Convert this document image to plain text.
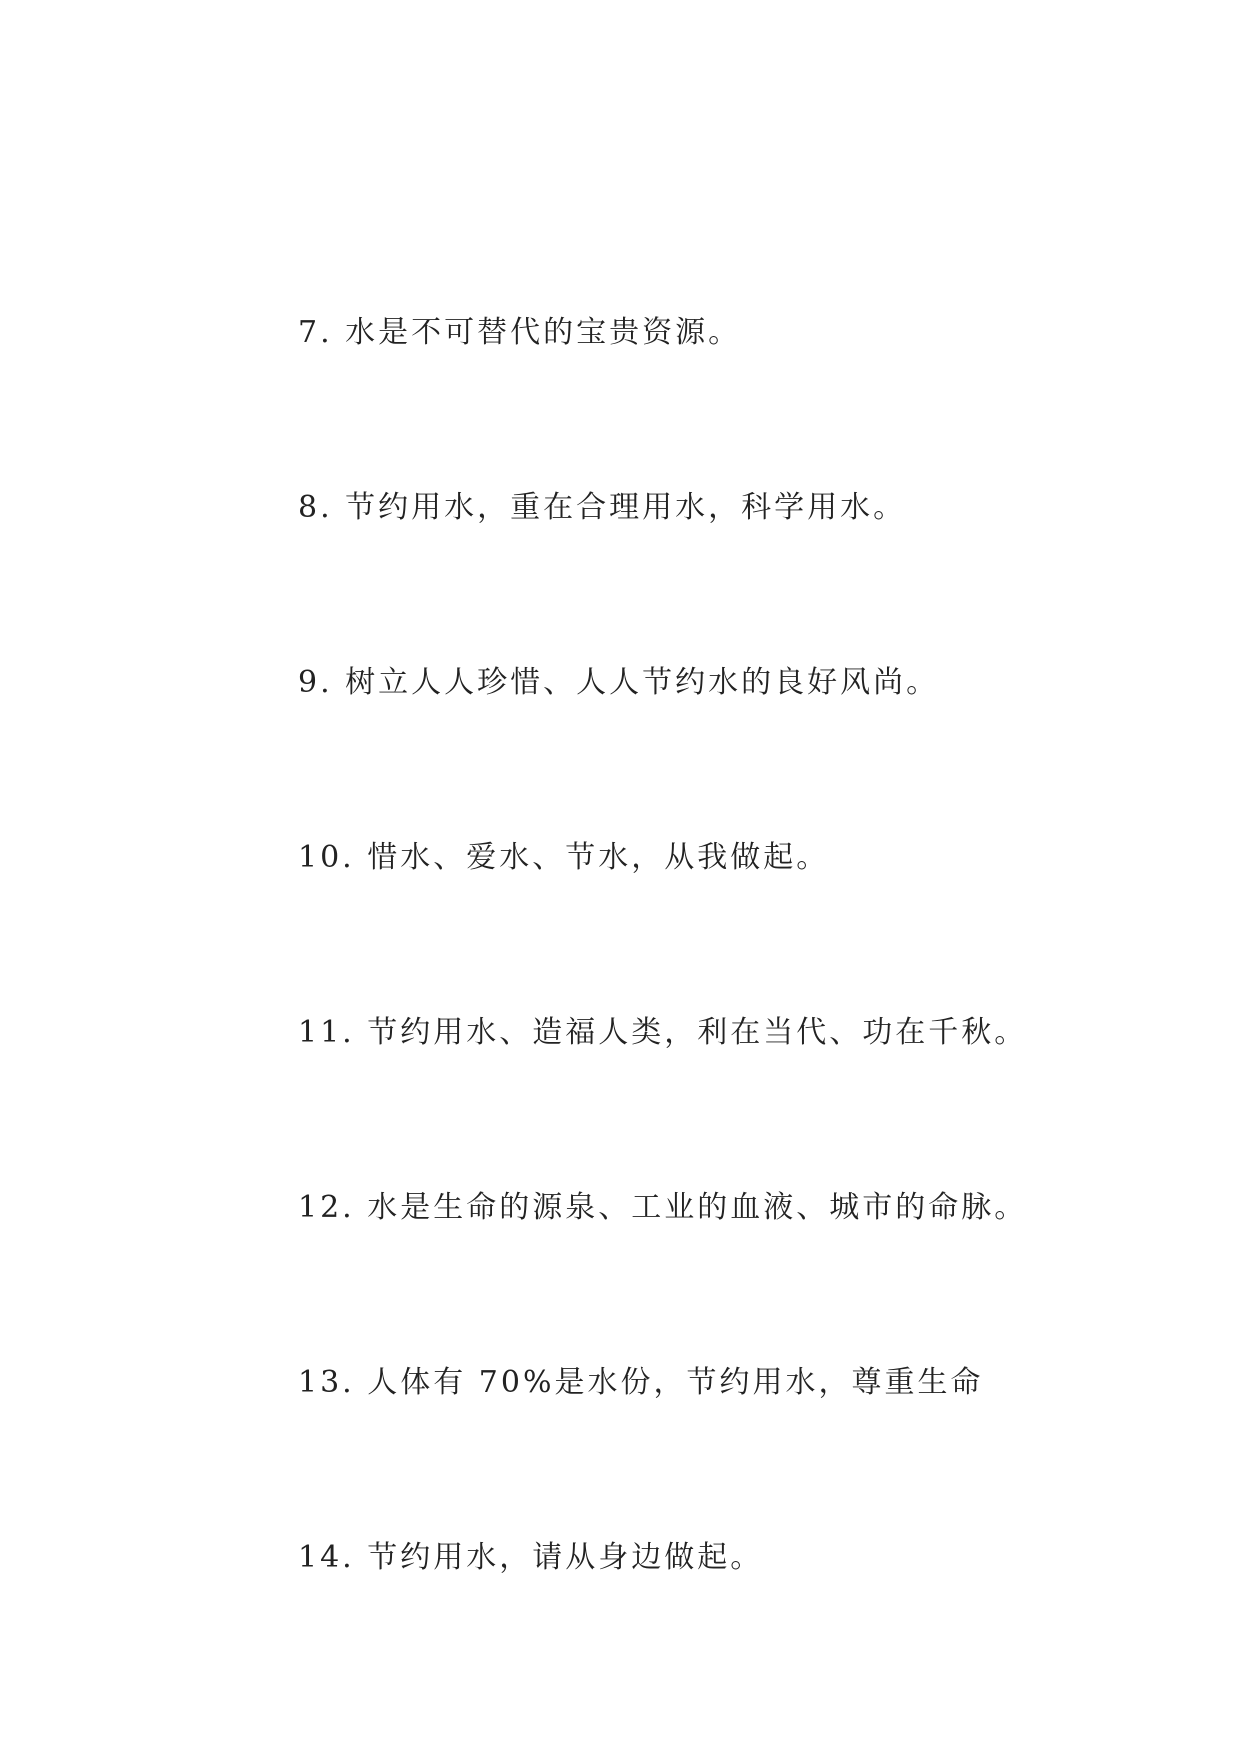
7. 水是不可替代的宝贵资源。

8. 节约用水，重在合理用水，科学用水。

9. 树立人人珍惜、人人节约水的良好风尚。

10. 惜水、爱水、节水，从我做起。

11. 节约用水、造福人类，利在当代、功在千秋。

12. 水是生命的源泉、工业的血液、城市的命脉。

13. 人体有 70%是水份，节约用水，尊重生命

14. 节约用水，请从身边做起。
